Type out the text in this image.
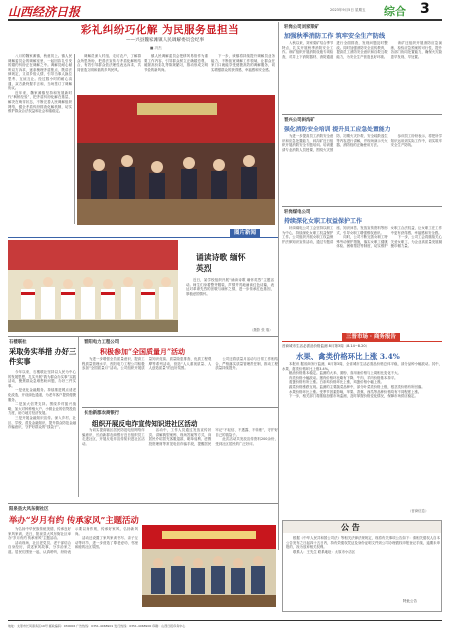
山西经济日报	2023年9月5日 星期五 综合 3
彩礼纠纷巧化解 为民服务显担当
——兴县魏家滩镇人民调解委员会纪事
■ 冯杰

八月的魏家滩镇，秋意初上。镇人民调解委员会的调解室里，一起因彩礼引发的婚约纠纷正在调解之中。调解员耐心倾听双方诉求，逐条梳理矛盾焦点，既讲法律规定，又讲乡俗人情，引导当事人换位思考、互谅互让。经过数小时的耐心沟通，双方最终握手言和，当场签订了调解协议。

近年来，魏家滩镇坚持和发展新时代“枫桥经验”，把矛盾纠纷化解在基层、解决在萌芽状态，不断完善人民调解组织网络，健全矛盾纠纷排查化解机制，切实维护群众合法权益和社会和谐稳定。

调解员深入村组、走访农户，了解群众所思所盼，把普法宣传与矛盾化解相结合，有效引导群众依法理性表达诉求，共同营造文明和谐的乡风民风。

镇人民调解委员会把移风易俗作为重要工作内容，引导群众树立正确婚恋观，破除高价彩礼等陈规陋习，推动形成文明节俭的新风尚。

下一步，该镇将持续提升调解员业务能力，不断拓宽调解工作领域，让群众在家门口就能享受便捷高效的调解服务，切实增强群众的获得感、幸福感和安全感。

轩岗公司刘家梁矿
加强秋季消防工作 筑牢安全生产防线

入秋以来，刘家梁矿结合季节特点，扎实开展秋季消防安全工作。该矿组织开展消防设施专项检查，对井上下消防器材、消防通道进行全面排查，发现问题及时整改。同时加强消防安全宣传教育，提高员工消防安全意识和自救互救能力，为安全生产营造良好环境。

该矿还组织开展消防应急演练，检验应急预案的可行性，提升各部门协同处置能力，确保火灾隐患早发现、早处置。

晋兴公司斜沟矿
强化消防安全培训 提升员工应急处置能力

为进一步提高员工消防安全意识和应急处置能力，斜沟矿近日组织开展消防安全专题培训。培训邀请专业消防人员授课，围绕火灾预防、初期火灾扑救、安全疏散逃生等内容进行讲解，并现场演示灭火器、消防栓的正确使用方法。

参训员工纷纷表示，将把所学知识运用到实际工作中，切实筑牢安全生产防线。

轩岗煤电公司
持续深化女职工权益保护工作

轩岗煤电公司工会坚持以职工为中心，持续深化女职工权益保护工作。公司组织开展女职工权益保护法律知识宣传活动，通过专题讲座、知识问答、发放宣传资料等形式，引导女职工增强维权意识。

同时，公司不断完善女职工特殊劳动保护措施，落实女职工健康体检、困难帮扶等制度，切实维护女职工合法权益，让女职工在工作中更有获得感、幸福感和安全感。

下一步，公司工会将继续关心关爱女职工，为企业高质量发展凝聚巾帼力量。

图片新闻
诵读诗歌 缅怀英烈

近日，某学校组织开展“诵读诗歌 缅怀英烈”主题活动。师生们身着整齐服装，声情并茂地诵读红色诗篇，表达对革命先烈的崇敬与缅怀之情，进一步传承红色基因，厚植爱国情怀。

（摄影 张 瑞）
石楼联社
采取务实举措 办好三件实事

今年以来，石楼联社坚持以人民为中心的发展思想，扎实开展“我为群众办实事”实践活动，聚焦群众急难愁盼问题，办好三件实事。

一是优化金融服务。持续推进网点适老化改造，开设绿色通道，为老年客户提供便捷服务。

二是加大信贷支持。围绕乡村振兴战略，加大对种养殖大户、小微企业的信贷投放力度，助力地方经济发展。

三是开展金融知识宣传。深入乡村、社区、学校，普及金融知识，提升群众防范金融诈骗意识，守护好群众的“钱袋子”。

晋阳电力工程公司
积极参加“全国质量月”活动

为进一步增强全员质量意识，提高工程质量管理水平，晋阳电力工程公司积极参加“全国质量月”活动。公司组织开展质量知识竞赛、质量隐患排查、优质工程观摩等系列活动，营造“人人重视质量、人人创造质量”的良好氛围。

公司还将质量月活动与日常工作相结合，严格落实质量管理责任制，推动工程质量持续提升。

长治新郡农商银行
组织开展反电诈宣传知识进社区活动

为切实提高辖区居民防范电信网络诈骗意识，长治新郡农商银行近日组织员工走进社区，开展反电诈宣传知识进社区活动。

活动中，工作人员通过发放宣传折页、讲解典型案例、现场答疑等方式，向居民介绍冒充客服退款、刷单返利、虚假投资理财等常见电信诈骗手段，提醒居民牢记“不轻信、不透露、不转账”，守护好自己的钱袋子。

此次活动共发放宣传资料200余份，受到社区居民的广泛好评。

阳泉县大风东街社区
举办“岁月有约 传承家风”主题活动

为弘扬中华民族传统美德，传承良好家风家训，近日，阳泉县大风东街社区举办“岁月有约 传承家风”主题活动。

活动现场，社区老党员、老干部结合自身经历，讲述家风故事，分享治家之道。居民们围坐一起，认真聆听，纷纷表示要以身作则，传承好家风、弘扬新风尚。

活动还设置了家风家训书写、亲子互动等环节，进一步营造了尊老爱幼、邻里和睦的社区氛围。

三晋市场 · 商务报告
晋商城市生活必需品价格监测 8月第3周（8.14~8.20）
水果、禽类价格环比上涨 3.4%

本报讯 据省商务厅监测，8月第3周，全省城市生活必需品价格总体平稳，部分品种小幅波动。其中，水果、禽类价格环比上涨3.4%。

粮油价格基本稳定。监测的大米、面粉、食用油价格与上周相比变化不大。

肉类价格小幅波动。猪肉价格环比略有下降，牛肉、羊肉价格基本持平。

禽蛋价格有所上涨。白条鸡价格环比上涨，鸡蛋价格小幅上涨。

蔬菜价格涨跌互现。监测的主要蔬菜品种中，部分叶菜类价格上涨，根茎类价格有所回落。

水果价格环比上涨。受季节因素影响，苹果、香蕉、西瓜等品种价格均有不同程度上涨。

下一步，相关部门将继续加强市场监测，及时掌握价格变化情况，保障市场供应稳定。

（晋商信息）
公 告

根据《中华人民共和国公司法》等相关法律法规规定，现将有关事项公告如下：请相关债权人自本公告发布之日起四十五日内，持有效债权凭证及身份证明文件到公司办理债权申报登记手续，逾期未申报的，视为放弃相关权利。

联系人：王先生 联系地址：太原市小店区

特此公告
地址：太原市长风商务区19号 邮政编码：030006 广告热线：0351-4068901 发行热线：0351-4068900 印刷：山西日报印务中心
